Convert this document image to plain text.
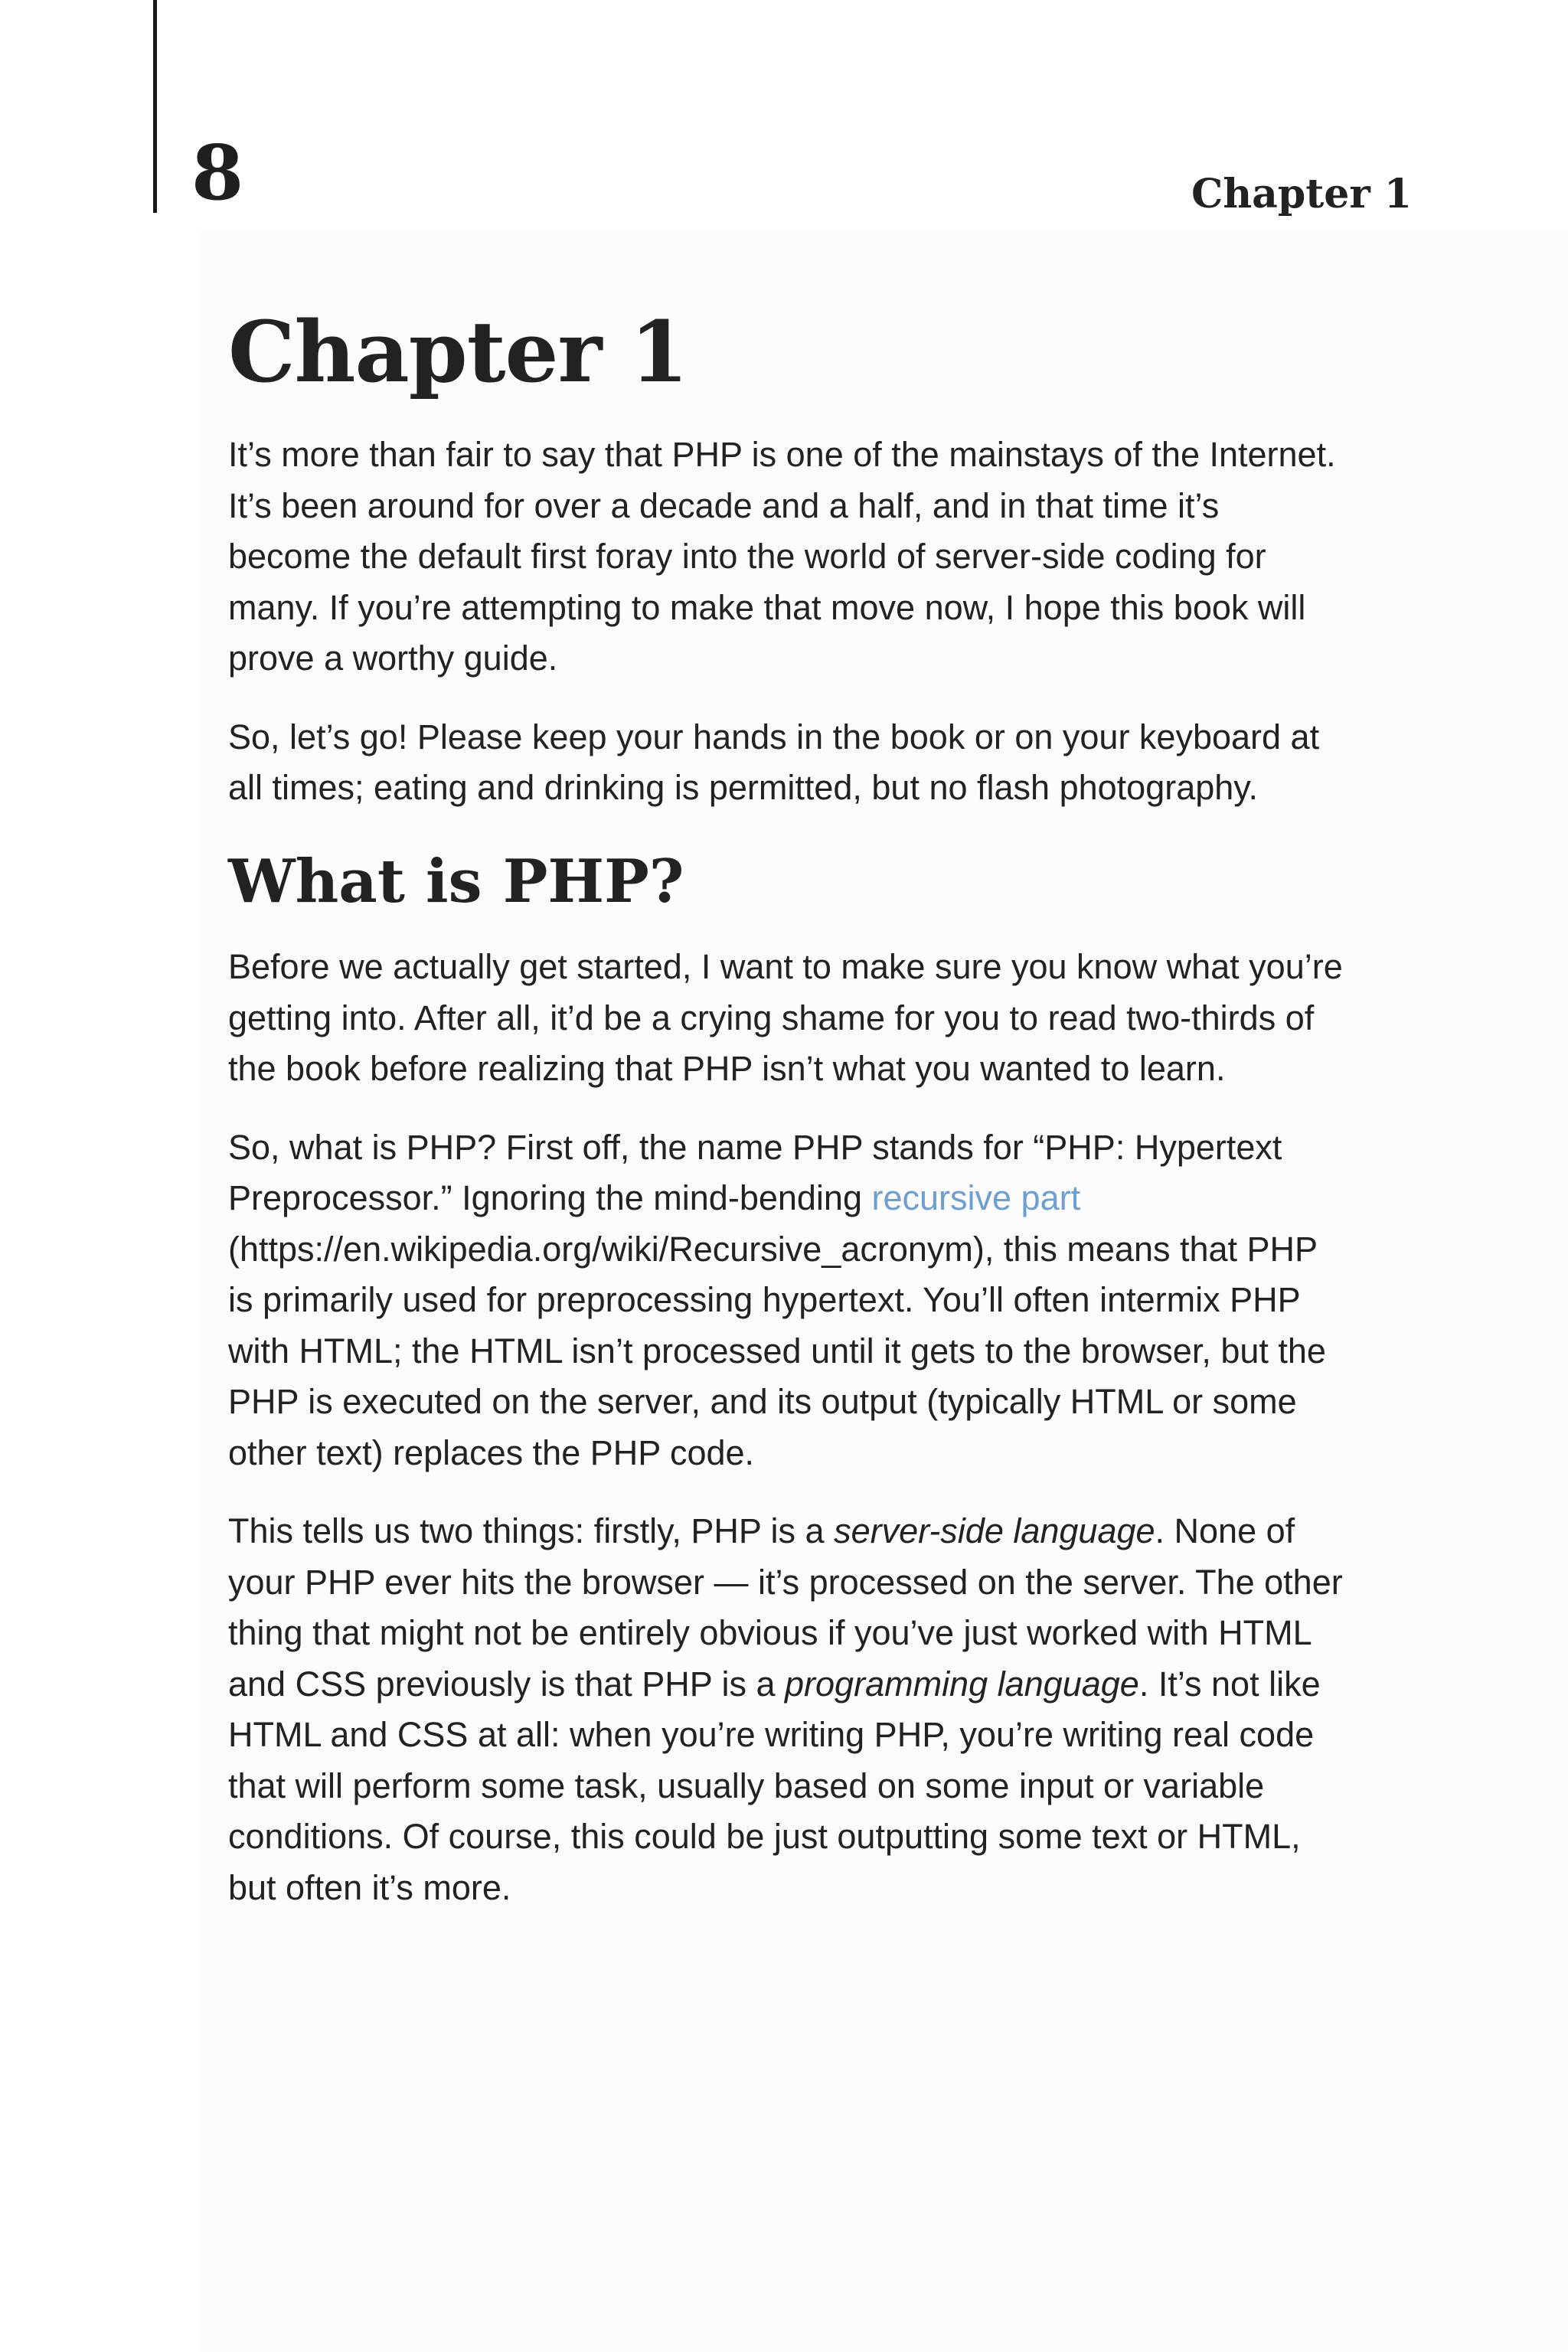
8	Chapter 1
Chapter 1

It’s more than fair to say that PHP is one of the mainstays of the Internet. It’s been around for over a decade and a half, and in that time it’s become the default first foray into the world of server-side coding for many. If you’re attempting to make that move now, I hope this book will prove a worthy guide.

So, let’s go! Please keep your hands in the book or on your keyboard at all times; eating and drinking is permitted, but no flash photography.

What is PHP?

Before we actually get started, I want to make sure you know what you’re getting into. After all, it’d be a crying shame for you to read two-thirds of the book before realizing that PHP isn’t what you wanted to learn.

So, what is PHP? First off, the name PHP stands for “PHP: Hypertext Preprocessor.” Ignoring the mind-bending recursive part (https://en.wikipedia.org/wiki/Recursive_acronym), this means that PHP is primarily used for preprocessing hypertext. You’ll often intermix PHP with HTML; the HTML isn’t processed until it gets to the browser, but the PHP is executed on the server, and its output (typically HTML or some other text) replaces the PHP code.

This tells us two things: firstly, PHP is a server-side language. None of your PHP ever hits the browser — it’s processed on the server. The other thing that might not be entirely obvious if you’ve just worked with HTML and CSS previously is that PHP is a programming language. It’s not like HTML and CSS at all: when you’re writing PHP, you’re writing real code that will perform some task, usually based on some input or variable conditions. Of course, this could be just outputting some text or HTML, but often it’s more.
